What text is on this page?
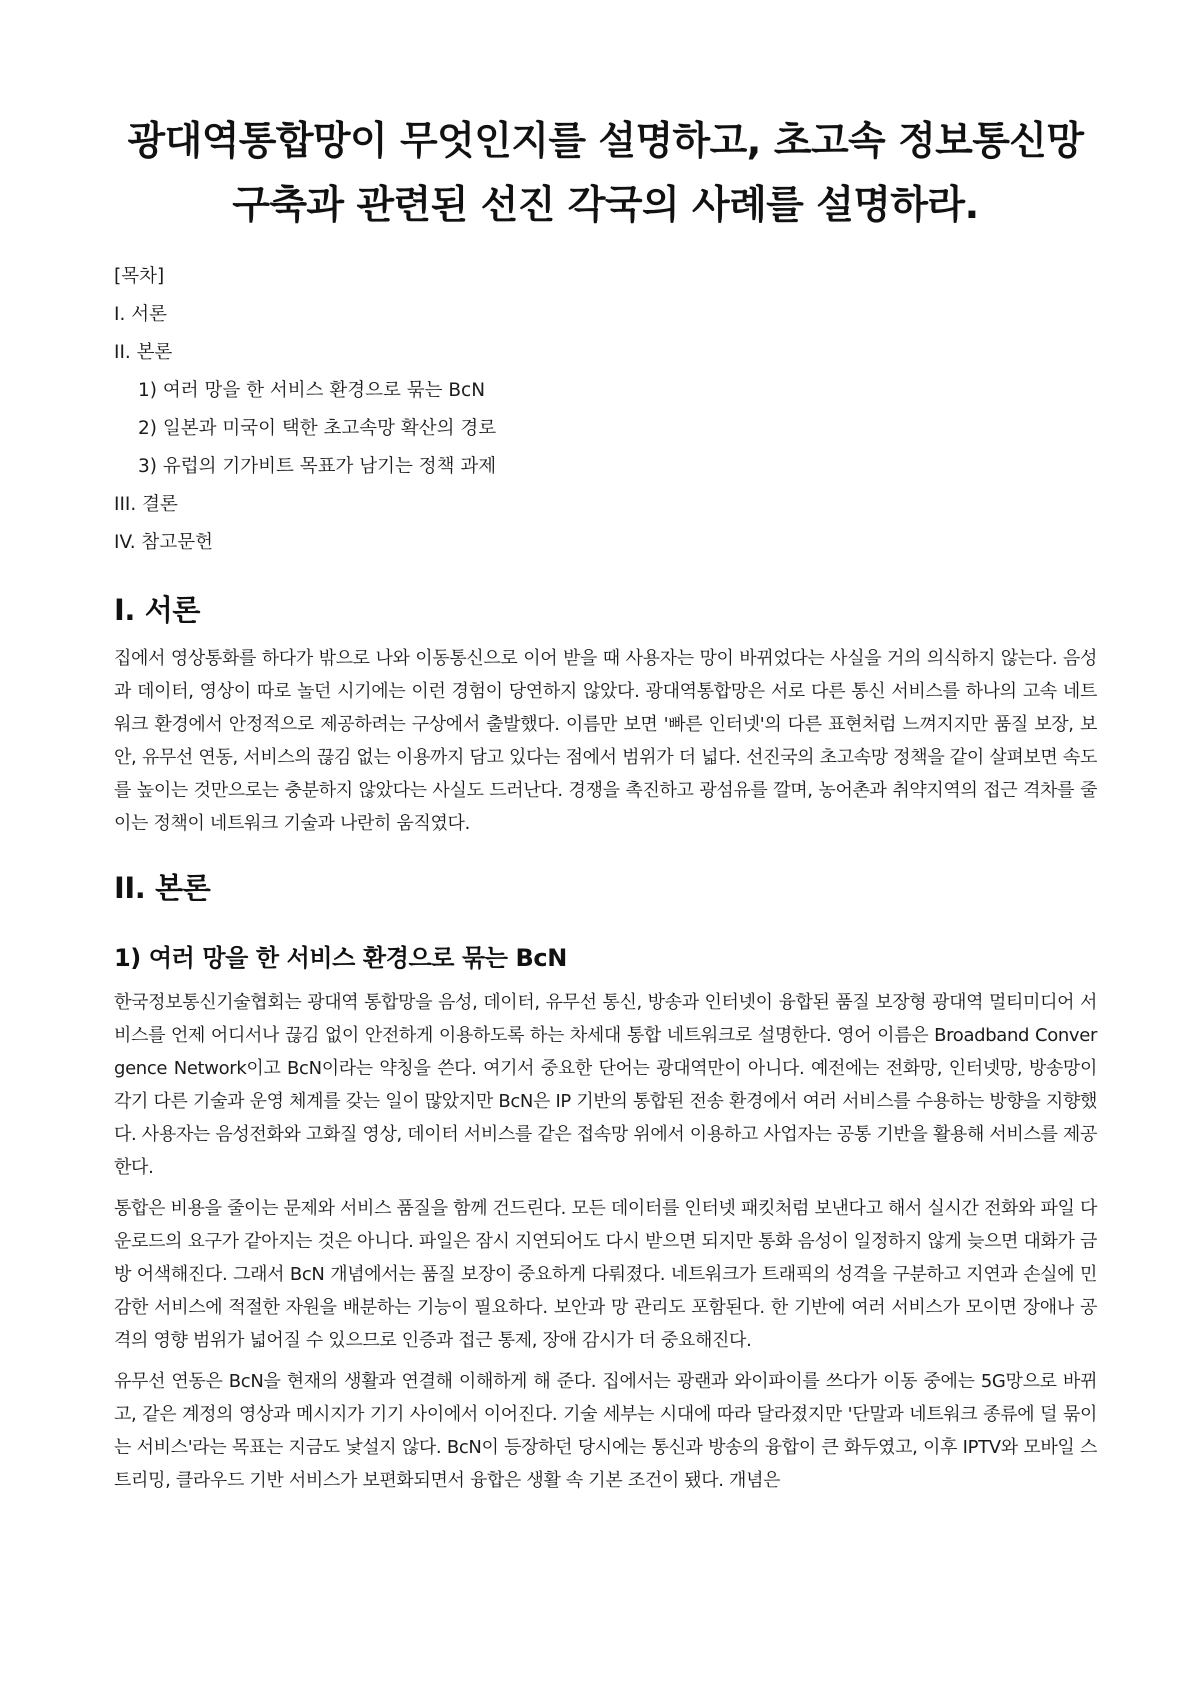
광대역통합망이 무엇인지를 설명하고, 초고속 정보통신망 구축과 관련된 선진 각국의 사례를 설명하라.
[목차]
I. 서론
II. 본론
1) 여러 망을 한 서비스 환경으로 묶는 BcN
2) 일본과 미국이 택한 초고속망 확산의 경로
3) 유럽의 기가비트 목표가 남기는 정책 과제
III. 결론
IV. 참고문헌
I. 서론

집에서 영상통화를 하다가 밖으로 나와 이동통신으로 이어 받을 때 사용자는 망이 바뀌었다는 사실을 거의 의식하지 않는다. 음성과 데이터, 영상이 따로 놀던 시기에는 이런 경험이 당연하지 않았다. 광대역통합망은 서로 다른 통신 서비스를 하나의 고속 네트워크 환경에서 안정적으로 제공하려는 구상에서 출발했다. 이름만 보면 '빠른 인터넷'의 다른 표현처럼 느껴지지만 품질 보장, 보안, 유무선 연동, 서비스의 끊김 없는 이용까지 담고 있다는 점에서 범위가 더 넓다. 선진국의 초고속망 정책을 같이 살펴보면 속도를 높이는 것만으로는 충분하지 않았다는 사실도 드러난다. 경쟁을 촉진하고 광섬유를 깔며, 농어촌과 취약지역의 접근 격차를 줄이는 정책이 네트워크 기술과 나란히 움직였다.

II. 본론
1) 여러 망을 한 서비스 환경으로 묶는 BcN

한국정보통신기술협회는 광대역 통합망을 음성, 데이터, 유무선 통신, 방송과 인터넷이 융합된 품질 보장형 광대역 멀티미디어 서비스를 언제 어디서나 끊김 없이 안전하게 이용하도록 하는 차세대 통합 네트워크로 설명한다. 영어 이름은 Broadband Convergence Network이고 BcN이라는 약칭을 쓴다. 여기서 중요한 단어는 광대역만이 아니다. 예전에는 전화망, 인터넷망, 방송망이 각기 다른 기술과 운영 체계를 갖는 일이 많았지만 BcN은 IP 기반의 통합된 전송 환경에서 여러 서비스를 수용하는 방향을 지향했다. 사용자는 음성전화와 고화질 영상, 데이터 서비스를 같은 접속망 위에서 이용하고 사업자는 공통 기반을 활용해 서비스를 제공한다.

통합은 비용을 줄이는 문제와 서비스 품질을 함께 건드린다. 모든 데이터를 인터넷 패킷처럼 보낸다고 해서 실시간 전화와 파일 다운로드의 요구가 같아지는 것은 아니다. 파일은 잠시 지연되어도 다시 받으면 되지만 통화 음성이 일정하지 않게 늦으면 대화가 금방 어색해진다. 그래서 BcN 개념에서는 품질 보장이 중요하게 다뤄졌다. 네트워크가 트래픽의 성격을 구분하고 지연과 손실에 민감한 서비스에 적절한 자원을 배분하는 기능이 필요하다. 보안과 망 관리도 포함된다. 한 기반에 여러 서비스가 모이면 장애나 공격의 영향 범위가 넓어질 수 있으므로 인증과 접근 통제, 장애 감시가 더 중요해진다.

유무선 연동은 BcN을 현재의 생활과 연결해 이해하게 해 준다. 집에서는 광랜과 와이파이를 쓰다가 이동 중에는 5G망으로 바뀌고, 같은 계정의 영상과 메시지가 기기 사이에서 이어진다. 기술 세부는 시대에 따라 달라졌지만 '단말과 네트워크 종류에 덜 묶이는 서비스'라는 목표는 지금도 낯설지 않다. BcN이 등장하던 당시에는 통신과 방송의 융합이 큰 화두였고, 이후 IPTV와 모바일 스트리밍, 클라우드 기반 서비스가 보편화되면서 융합은 생활 속 기본 조건이 됐다. 개념은
